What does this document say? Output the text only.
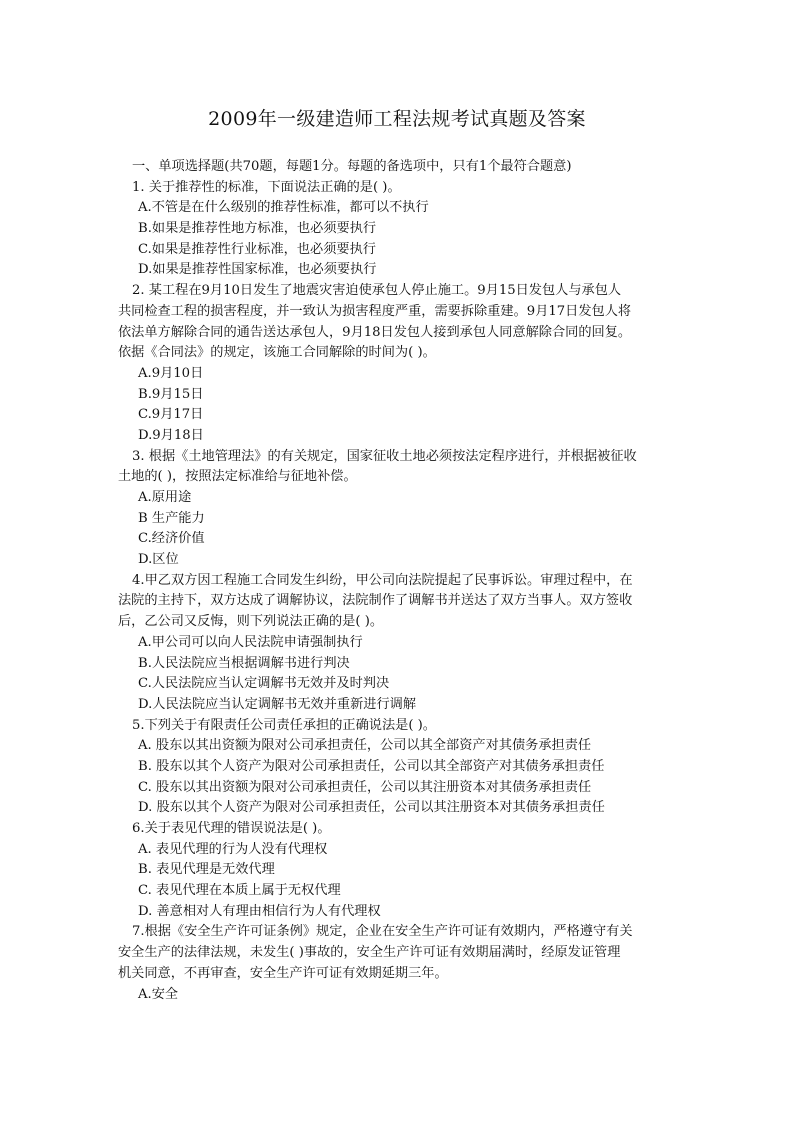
2009年一级建造师工程法规考试真题及答案
一、单项选择题(共70题，每题1分。每题的备选项中，只有1个最符合题意)
1. 关于推荐性的标准，下面说法正确的是( )。
A.不管是在什么级别的推荐性标准，都可以不执行
B.如果是推荐性地方标准，也必须要执行
C.如果是推荐性行业标准，也必须要执行
D.如果是推荐性国家标准，也必须要执行
2. 某工程在9月10日发生了地震灾害迫使承包人停止施工。9月15日发包人与承包人
共同检查工程的损害程度，并一致认为损害程度严重，需要拆除重建。9月17日发包人将
依法单方解除合同的通告送达承包人，9月18日发包人接到承包人同意解除合同的回复。
依据《合同法》的规定，该施工合同解除的时间为( )。
A.9月10日
B.9月15日
C.9月17日
D.9月18日
3. 根据《土地管理法》的有关规定，国家征收土地必须按法定程序进行，并根据被征收
土地的( )，按照法定标准给与征地补偿。
A.原用途
B 生产能力
C.经济价值
D.区位
4.甲乙双方因工程施工合同发生纠纷，甲公司向法院提起了民事诉讼。审理过程中，在
法院的主持下，双方达成了调解协议，法院制作了调解书并送达了双方当事人。双方签收
后，乙公司又反悔，则下列说法正确的是( )。
A.甲公司可以向人民法院申请强制执行
B.人民法院应当根据调解书进行判决
C.人民法院应当认定调解书无效并及时判决
D.人民法院应当认定调解书无效并重新进行调解
5.下列关于有限责任公司责任承担的正确说法是( )。
A. 股东以其出资额为限对公司承担责任，公司以其全部资产对其债务承担责任
B. 股东以其个人资产为限对公司承担责任，公司以其全部资产对其债务承担责任
C. 股东以其出资额为限对公司承担责任，公司以其注册资本对其债务承担责任
D. 股东以其个人资产为限对公司承担责任，公司以其注册资本对其债务承担责任
6.关于表见代理的错误说法是( )。
A. 表见代理的行为人没有代理权
B. 表见代理是无效代理
C. 表见代理在本质上属于无权代理
D. 善意相对人有理由相信行为人有代理权
7.根据《安全生产许可证条例》规定，企业在安全生产许可证有效期内，严格遵守有关
安全生产的法律法规，未发生( )事故的，安全生产许可证有效期届满时，经原发证管理
机关同意，不再审查，安全生产许可证有效期延期三年。
A.安全
